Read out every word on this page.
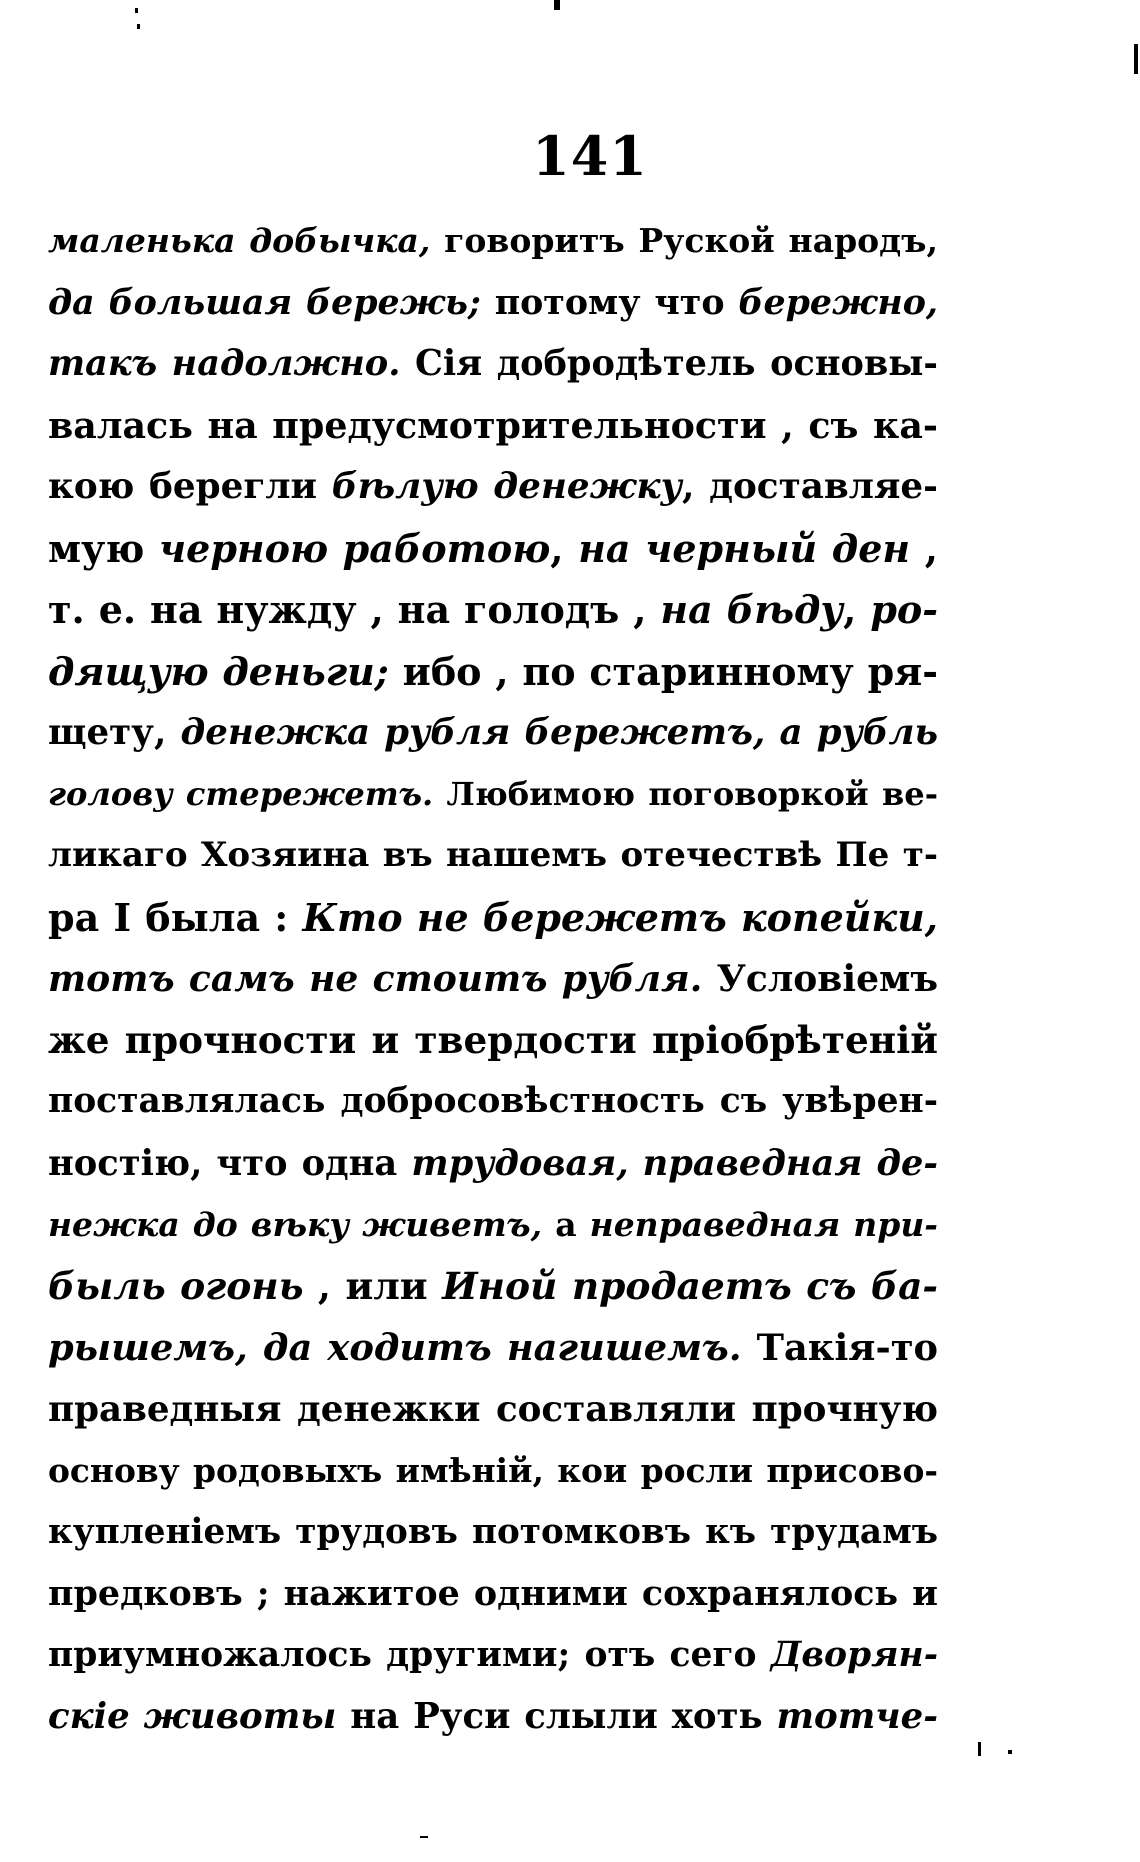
141
маленька добычка, говоритъ Руской народъ,
да большая бережь; потому что бережно,
такъ надолжно. Сія добродѣтель основы-
валась на предусмотрительности , съ ка-
кою берегли бѣлую денежку, доставляе-
мую черною работою, на черный ден ,
т. е. на нужду , на голодъ , на бѣду, ро-
дящую деньги; ибо , по старинному ря-
щету, денежка рубля бережетъ, а рубль
голову стережетъ. Любимою поговоркой ве-
ликаго Хозяина въ нашемъ отечествѣ Пе т-
ра I была : Кто не бережетъ копейки,
тотъ самъ не стоитъ рубля. Условіемъ
же прочности и твердости пріобрѣтеній
поставлялась добросовѣстность съ увѣрен-
ностію, что одна трудовая, праведная де-
нежка до вѣку живетъ, а неправедная при-
быль огонь , или Иной продаетъ съ ба-
рышемъ, да ходитъ нагишемъ. Такія-то
праведныя денежки составляли прочную
основу родовыхъ имѣній, кои росли присово-
купленіемъ трудовъ потомковъ къ трудамъ
предковъ ; нажитое одними сохранялось и
приумножалось другими; отъ сего Дворян-
скіе животы на Руси слыли хоть тотче-
